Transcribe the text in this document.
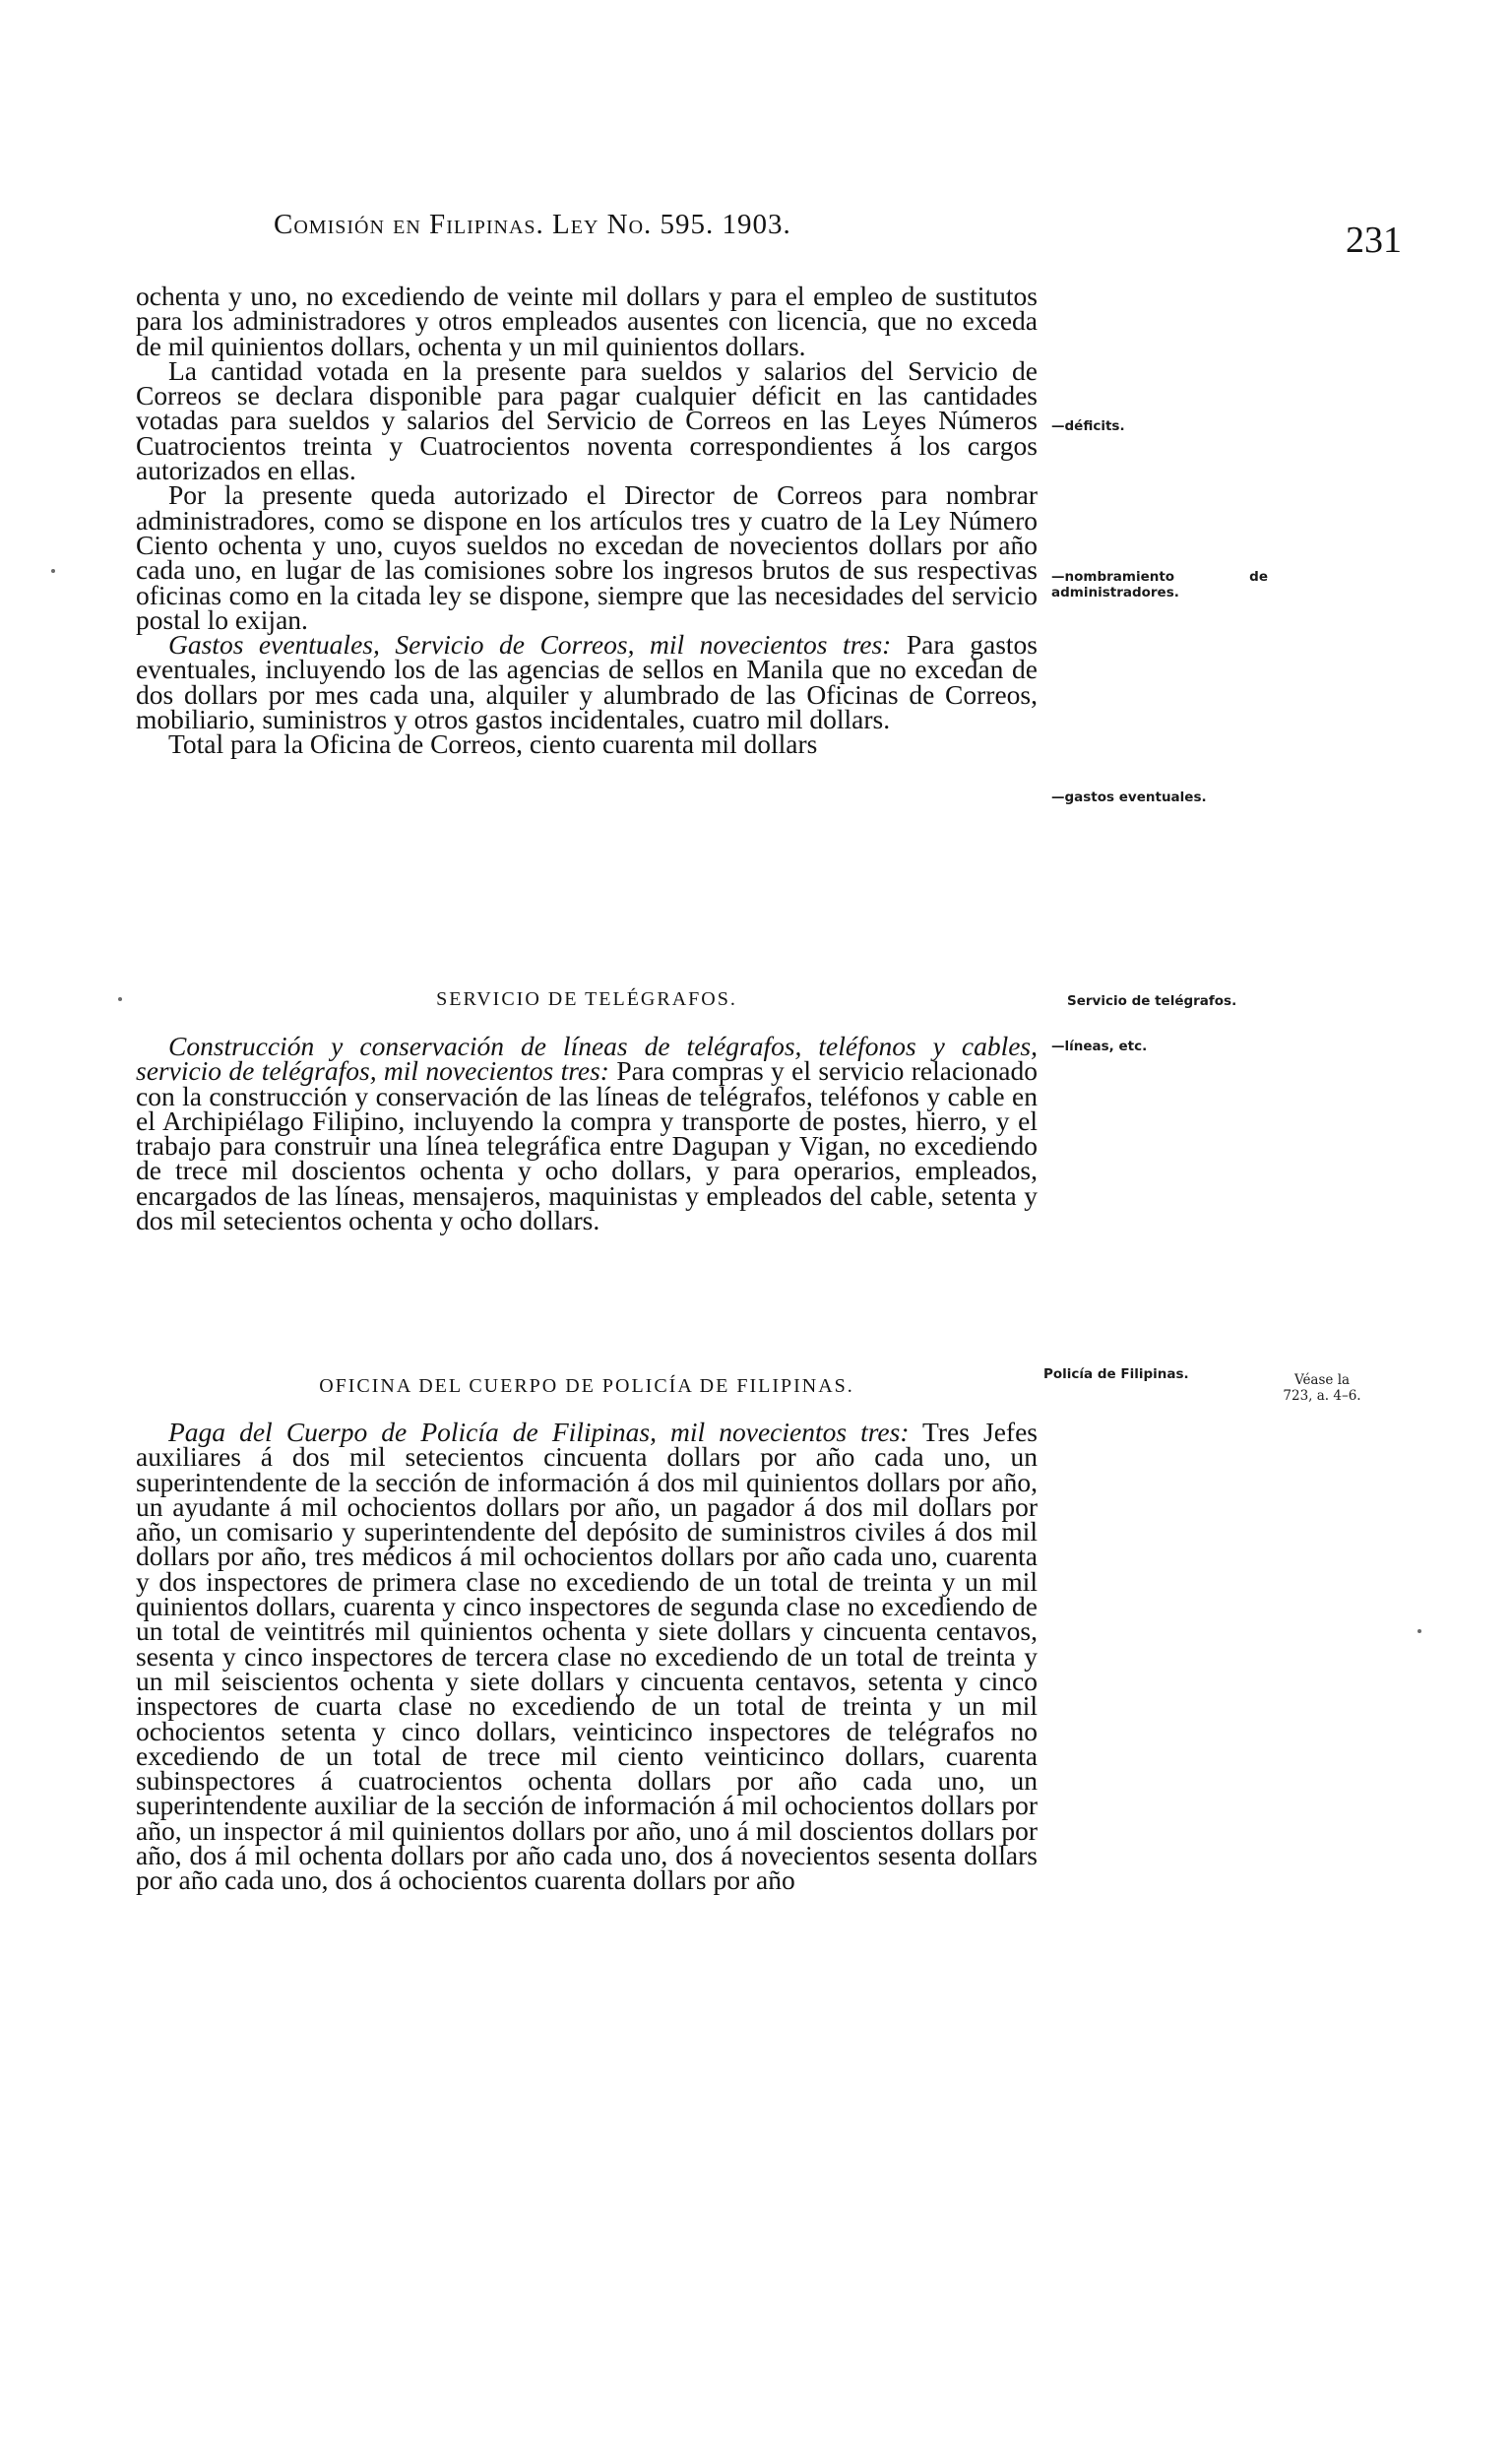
Comisión en Filipinas. Ley No. 595. 1903.	231

ochenta y uno, no excediendo de veinte mil dollars y para el empleo de sustitutos para los administradores y otros empleados ausentes con licencia, que no exceda de mil quinientos dollars, ochenta y un mil quinientos dollars.

La cantidad votada en la presente para sueldos y salarios del Servicio de Correos se declara disponible para pagar cualquier déficit en las cantidades votadas para sueldos y salarios del Servicio de Correos en las Leyes Números Cuatrocientos treinta y Cuatrocientos noventa correspondientes á los cargos autorizados en ellas.

Por la presente queda autorizado el Director de Correos para nombrar administradores, como se dispone en los artículos tres y cuatro de la Ley Número Ciento ochenta y uno, cuyos sueldos no excedan de novecientos dollars por año cada uno, en lugar de las comisiones sobre los ingresos brutos de sus respectivas oficinas como en la citada ley se dispone, siempre que las necesidades del servicio postal lo exijan.

Gastos eventuales, Servicio de Correos, mil novecientos tres: Para gastos eventuales, incluyendo los de las agencias de sellos en Manila que no excedan de dos dollars por mes cada una, alquiler y alumbrado de las Oficinas de Correos, mobiliario, suministros y otros gastos incidentales, cuatro mil dollars.

Total para la Oficina de Correos, ciento cuarenta mil dollars

SERVICIO DE TELÉGRAFOS.

Construcción y conservación de líneas de telégrafos, teléfonos y cables, servicio de telégrafos, mil novecientos tres: Para compras y el servicio relacionado con la construcción y conservación de las líneas de telégrafos, teléfonos y cable en el Archipiélago Filipino, incluyendo la compra y transporte de postes, hierro, y el trabajo para construir una línea telegráfica entre Dagupan y Vigan, no excediendo de trece mil doscientos ochenta y ocho dollars, y para operarios, empleados, encargados de las líneas, mensajeros, maquinistas y empleados del cable, setenta y dos mil setecientos ochenta y ocho dollars.

OFICINA DEL CUERPO DE POLICÍA DE FILIPINAS.

Paga del Cuerpo de Policía de Filipinas, mil novecientos tres: Tres Jefes auxiliares á dos mil setecientos cincuenta dollars por año cada uno, un superintendente de la sección de información á dos mil quinientos dollars por año, un ayudante á mil ochocientos dollars por año, un pagador á dos mil dollars por año, un comisario y superintendente del depósito de suministros civiles á dos mil dollars por año, tres médicos á mil ochocientos dollars por año cada uno, cuarenta y dos inspectores de primera clase no excediendo de un total de treinta y un mil quinientos dollars, cuarenta y cinco inspectores de segunda clase no excediendo de un total de veintitrés mil quinientos ochenta y siete dollars y cincuenta centavos, sesenta y cinco inspectores de tercera clase no excediendo de un total de treinta y un mil seiscientos ochenta y siete dollars y cincuenta centavos, setenta y cinco inspectores de cuarta clase no excediendo de un total de treinta y un mil ochocientos setenta y cinco dollars, veinticinco inspectores de telégrafos no excediendo de un total de trece mil ciento veinticinco dollars, cuarenta subinspectores á cuatrocientos ochenta dollars por año cada uno, un superintendente auxiliar de la sección de información á mil ochocientos dollars por año, un inspector á mil quinientos dollars por año, uno á mil doscientos dollars por año, dos á mil ochenta dollars por año cada uno, dos á novecientos sesenta dollars por año cada uno, dos á ochocientos cuarenta dollars por año

—déficits.
—nombramiento de administradores.
—gastos eventuales.
Servicio de telégrafos.
—líneas, etc.
Policía de Filipinas.	Véase la 723, a. 4–6.
